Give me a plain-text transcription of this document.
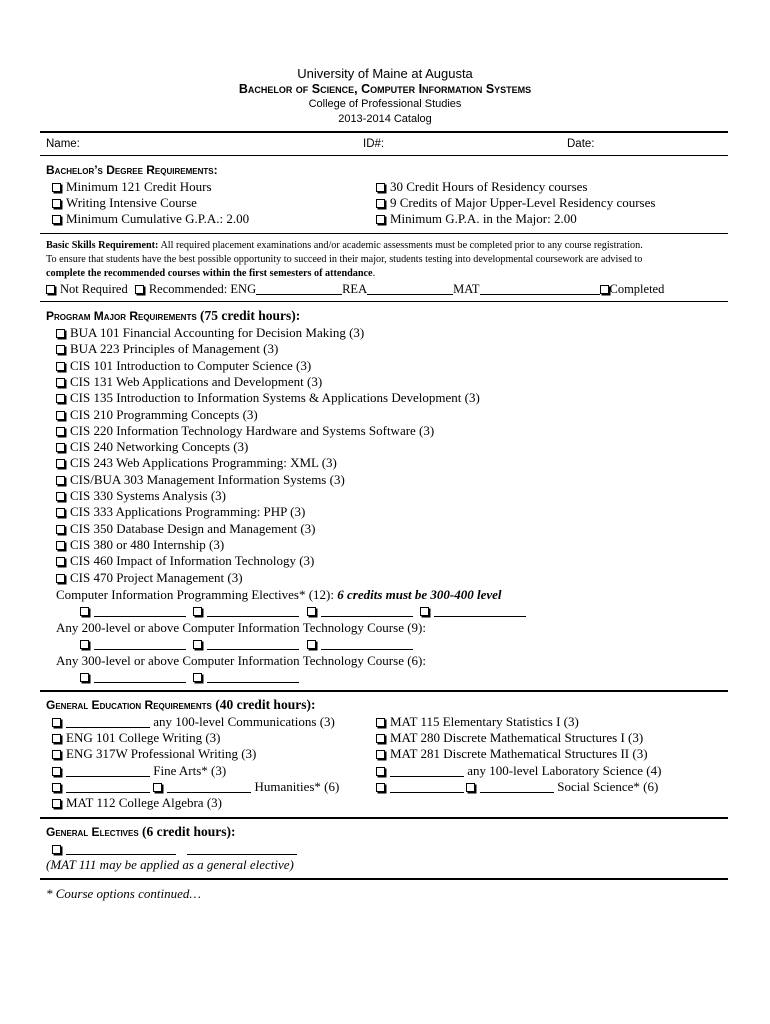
University of Maine at Augusta
Bachelor of Science, Computer Information Systems
College of Professional Studies
2013-2014 Catalog
Name:	ID#:	Date:
Bachelor’s Degree Requirements:
Minimum 121 Credit Hours
Writing Intensive Course
Minimum Cumulative G.P.A.: 2.00
30 Credit Hours of Residency courses
9 Credits of Major Upper-Level Residency courses
Minimum G.P.A. in the Major: 2.00
Basic Skills Requirement: All required placement examinations and/or academic assessments must be completed prior to any course registration.
To ensure that students have the best possible opportunity to succeed in their major, students testing into developmental coursework are advised to
complete the recommended courses within the first semesters of attendance.
Not Required Recommended: ENG	REA	MAT	Completed
Program Major Requirements (75 credit hours):
BUA 101 Financial Accounting for Decision Making (3)
BUA 223 Principles of Management (3)
CIS 101 Introduction to Computer Science (3)
CIS 131 Web Applications and Development (3)
CIS 135 Introduction to Information Systems & Applications Development (3)
CIS 210 Programming Concepts (3)
CIS 220 Information Technology Hardware and Systems Software (3)
CIS 240 Networking Concepts (3)
CIS 243 Web Applications Programming: XML (3)
CIS/BUA 303 Management Information Systems (3)
CIS 330 Systems Analysis (3)
CIS 333 Applications Programming: PHP (3)
CIS 350 Database Design and Management (3)
CIS 380 or 480 Internship (3)
CIS 460 Impact of Information Technology (3)
CIS 470 Project Management (3)
Computer Information Programming Electives* (12): 6 credits must be 300-400 level

Any 200-level or above Computer Information Technology Course (9):

Any 300-level or above Computer Information Technology Course (6):

General Education Requirements (40 credit hours):
any 100-level Communications (3)
ENG 101 College Writing (3)
ENG 317W Professional Writing (3)
Fine Arts* (3)
Humanities* (6)
MAT 112 College Algebra (3)
MAT 115 Elementary Statistics I (3)
MAT 280 Discrete Mathematical Structures I (3)
MAT 281 Discrete Mathematical Structures II (3)
any 100-level Laboratory Science (4)
Social Science* (6)
General Electives (6 credit hours):

(MAT 111 may be applied as a general elective)
* Course options continued…
